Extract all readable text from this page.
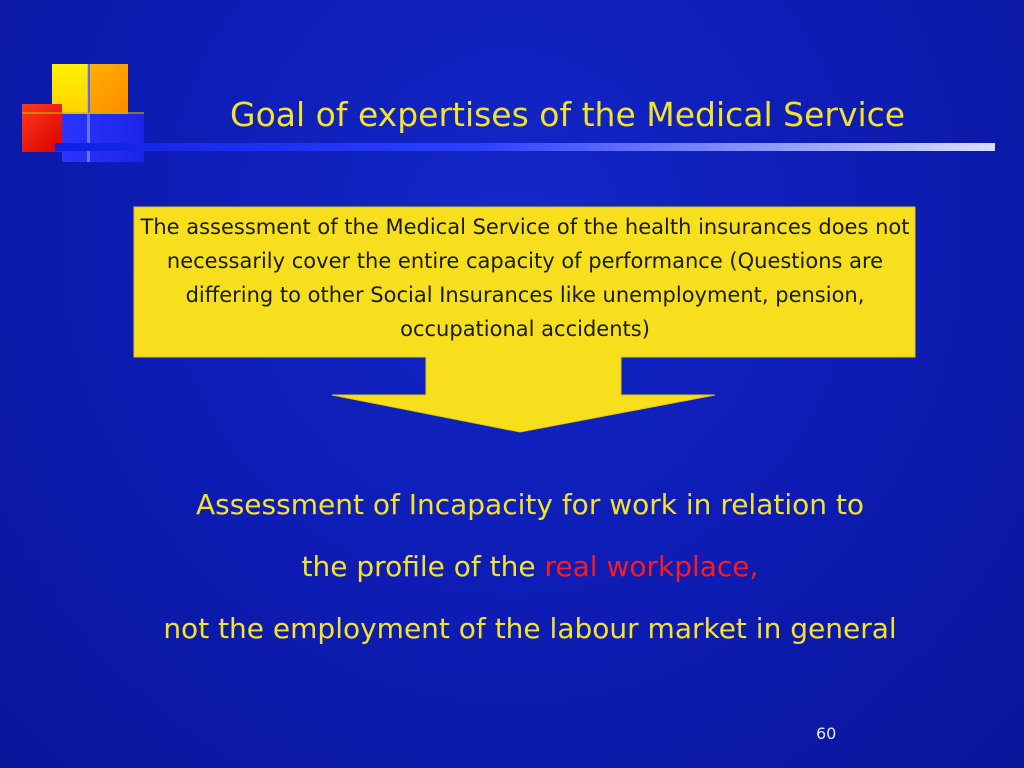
Goal of expertises of the Medical Service
The assessment of the Medical Service of the health insurances does not necessarily cover the entire capacity of performance (Questions are differing to other Social Insurances like unemployment, pension, occupational accidents)
Assessment of Incapacity for work in relation to
the profile of the real workplace,
not the employment of the labour market in general
60
